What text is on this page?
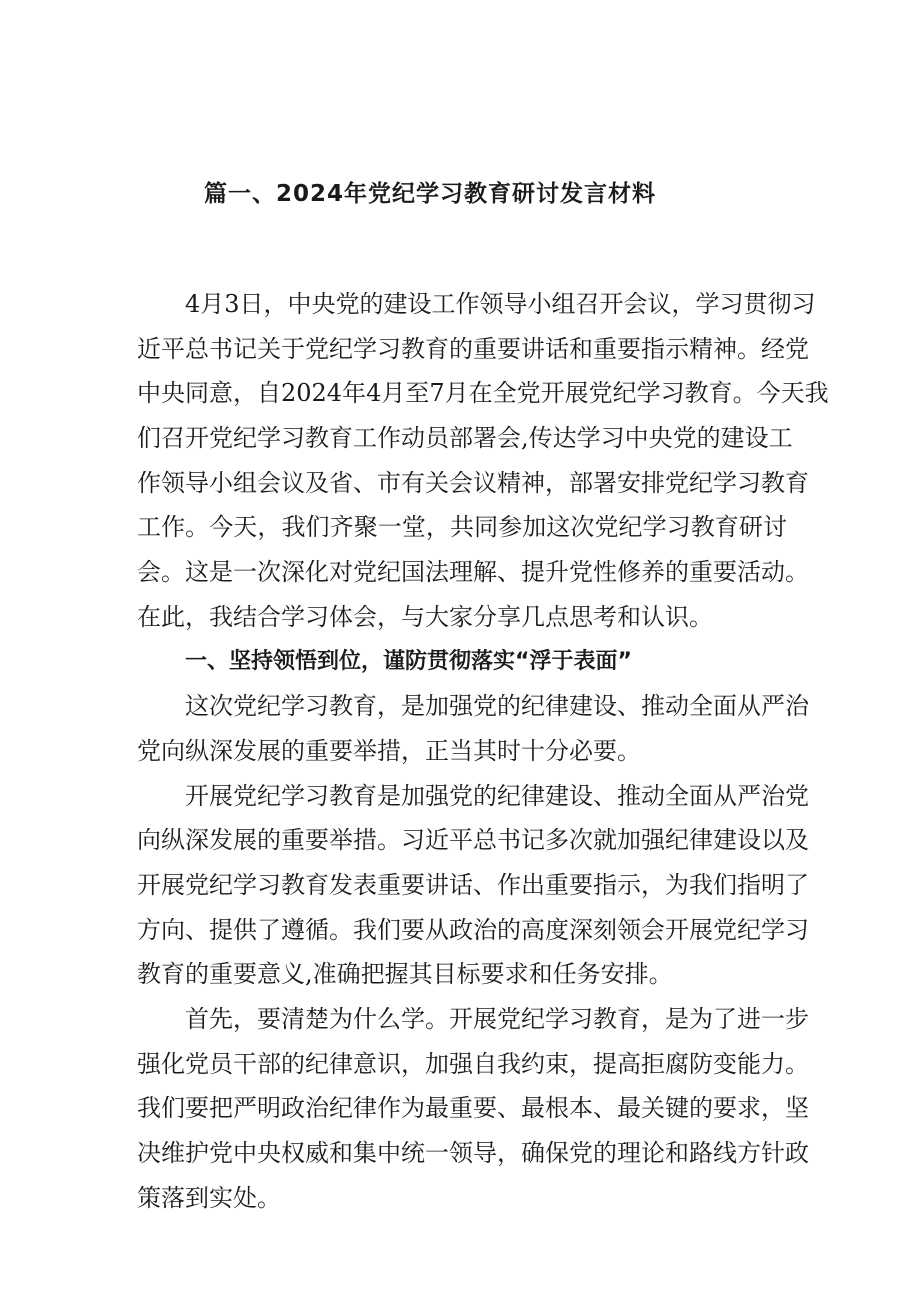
篇一、2024年党纪学习教育研讨发言材料
4月3日，中央党的建设工作领导小组召开会议，学习贯彻习
近平总书记关于党纪学习教育的重要讲话和重要指示精神。经党
中央同意，自2024年4月至7月在全党开展党纪学习教育。今天我
们召开党纪学习教育工作动员部署会,传达学习中央党的建设工
作领导小组会议及省、市有关会议精神，部署安排党纪学习教育
工作。今天，我们齐聚一堂，共同参加这次党纪学习教育研讨
会。这是一次深化对党纪国法理解、提升党性修养的重要活动。
在此，我结合学习体会，与大家分享几点思考和认识。
一、坚持领悟到位，谨防贯彻落实“浮于表面”
这次党纪学习教育，是加强党的纪律建设、推动全面从严治
党向纵深发展的重要举措，正当其时十分必要。
开展党纪学习教育是加强党的纪律建设、推动全面从严治党
向纵深发展的重要举措。习近平总书记多次就加强纪律建设以及
开展党纪学习教育发表重要讲话、作出重要指示，为我们指明了
方向、提供了遵循。我们要从政治的高度深刻领会开展党纪学习
教育的重要意义,准确把握其目标要求和任务安排。
首先，要清楚为什么学。开展党纪学习教育，是为了进一步
强化党员干部的纪律意识，加强自我约束，提高拒腐防变能力。
我们要把严明政治纪律作为最重要、最根本、最关键的要求，坚
决维护党中央权威和集中统一领导，确保党的理论和路线方针政
策落到实处。
